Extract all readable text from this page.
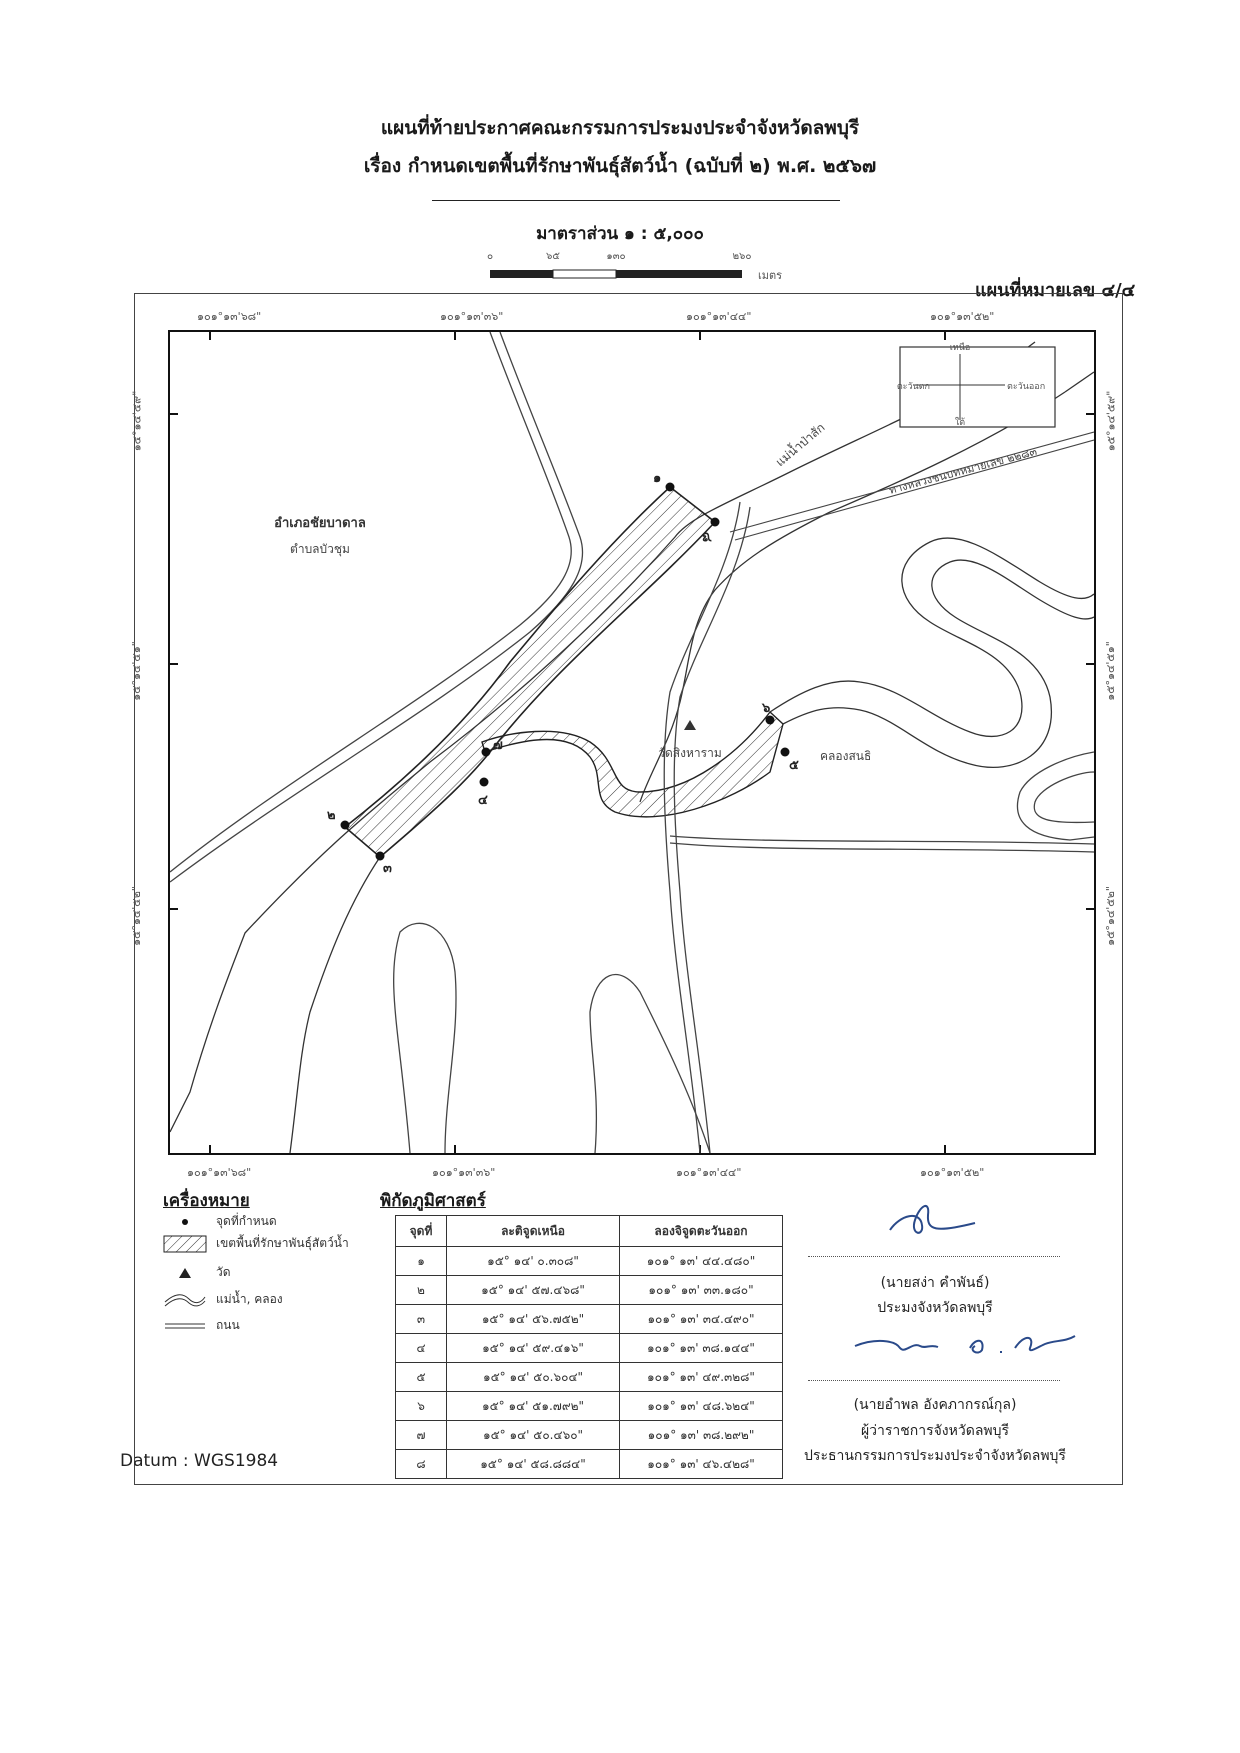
แผนที่ท้ายประกาศคณะกรรมการประมงประจำจังหวัดลพบุรี
เรื่อง กำหนดเขตพื้นที่รักษาพันธุ์สัตว์น้ำ (ฉบับที่ ๒) พ.ศ. ๒๕๖๗
มาตราส่วน ๑ : ๕,๐๐๐
๐	๖๕	๑๓๐	๒๖๐
เมตร
แผนที่หมายเลข ๔/๔
๑๐๑°๑๓'๖๘"	๑๐๑°๑๓'๓๖"	๑๐๑°๑๓'๔๔"	๑๐๑°๑๓'๕๒"
๑๐๑°๑๓'๖๘"	๑๐๑°๑๓'๓๖"	๑๐๑°๑๓'๔๔"	๑๐๑°๑๓'๕๒"
๑๕°๑๔'๕๙"
๑๕°๑๔'๕๑"
๑๕°๑๔'๕๒"
๑๕°๑๔'๕๙"
๑๕°๑๔'๕๑"
๑๕°๑๔'๕๒"
เหนือ
ตะวันตก	ตะวันออก
ใต้
อำเภอชัยบาดาล
ตำบลบัวชุม
แม่น้ำป่าสัก
ทางหลวงชนบทหมายเลข ๒๒๘๓
คลองสนธิ
วัดสิงหาราม
๑
๒
๓
๔
๕
๖
๗
๘
เครื่องหมาย
จุดที่กำหนด
เขตพื้นที่รักษาพันธุ์สัตว์น้ำ
วัด
แม่น้ำ, คลอง
ถนน
พิกัดภูมิศาสตร์
จุดที่	ละติจูดเหนือ	ลองจิจูดตะวันออก
๑	๑๕° ๑๔' ๐.๓๐๘"	๑๐๑° ๑๓' ๔๔.๔๘๐"
๒	๑๕° ๑๔' ๕๗.๔๖๘"	๑๐๑° ๑๓' ๓๓.๑๘๐"
๓	๑๕° ๑๔' ๕๖.๗๕๒"	๑๐๑° ๑๓' ๓๔.๔๙๐"
๔	๑๕° ๑๔' ๕๙.๔๑๖"	๑๐๑° ๑๓' ๓๘.๑๔๔"
๕	๑๕° ๑๔' ๕๐.๖๐๔"	๑๐๑° ๑๓' ๔๙.๓๒๘"
๖	๑๕° ๑๔' ๕๑.๗๙๒"	๑๐๑° ๑๓' ๔๘.๖๒๔"
๗	๑๕° ๑๔' ๕๐.๔๖๐"	๑๐๑° ๑๓' ๓๘.๒๙๒"
๘	๑๕° ๑๔' ๕๘.๘๘๔"	๑๐๑° ๑๓' ๔๖.๔๒๘"
Datum : WGS1984
(นายสง่า คำพันธ์)
ประมงจังหวัดลพบุรี
(นายอำพล อังคภากรณ์กุล)
ผู้ว่าราชการจังหวัดลพบุรี
ประธานกรรมการประมงประจำจังหวัดลพบุรี
